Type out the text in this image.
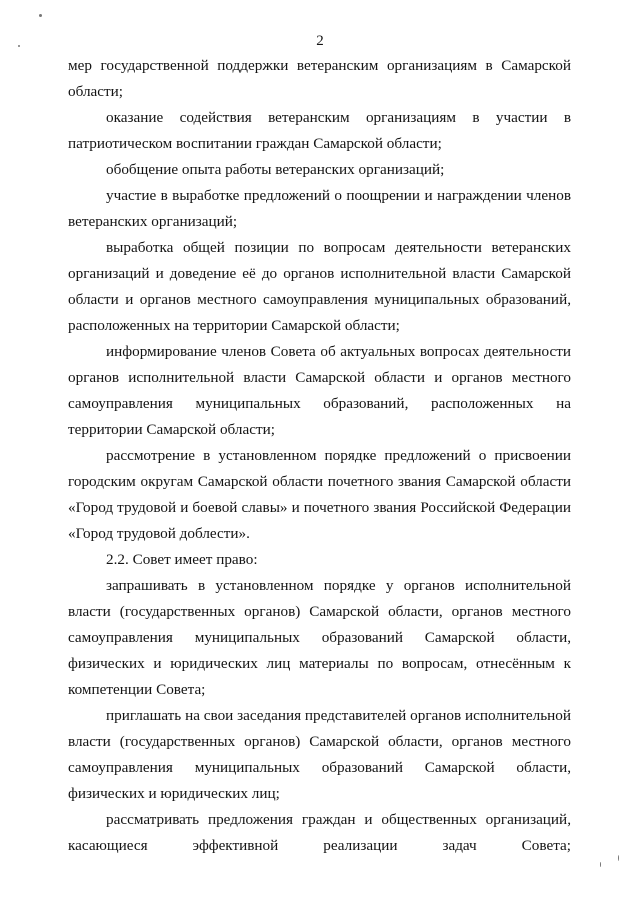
2

мер государственной поддержки ветеранским организациям в Самарской области;

оказание содействия ветеранским организациям в участии в патриотическом воспитании граждан Самарской области;

обобщение опыта работы ветеранских организаций;

участие в выработке предложений о поощрении и награждении членов ветеранских организаций;

выработка общей позиции по вопросам деятельности ветеранских организаций и доведение её до органов исполнительной власти Самарской области и органов местного самоуправления муниципальных образований, расположенных на территории Самарской области;

информирование членов Совета об актуальных вопросах деятельности органов исполнительной власти Самарской области и органов местного самоуправления муниципальных образований, расположенных на территории Самарской области;

рассмотрение в установленном порядке предложений о присвоении городским округам Самарской области почетного звания Самарской области «Город трудовой и боевой славы» и почетного звания Российской Федерации «Город трудовой доблести».

2.2. Совет имеет право:

запрашивать в установленном порядке у органов исполнительной власти (государственных органов) Самарской области, органов местного самоуправления муниципальных образований Самарской области, физических и юридических лиц материалы по вопросам, отнесённым к компетенции Совета;

приглашать на свои заседания представителей органов исполнительной власти (государственных органов) Самарской области, органов местного самоуправления муниципальных образований Самарской области, физических и юридических лиц;

рассматривать предложения граждан и общественных организаций, касающиеся эффективной реализации задач Совета;
